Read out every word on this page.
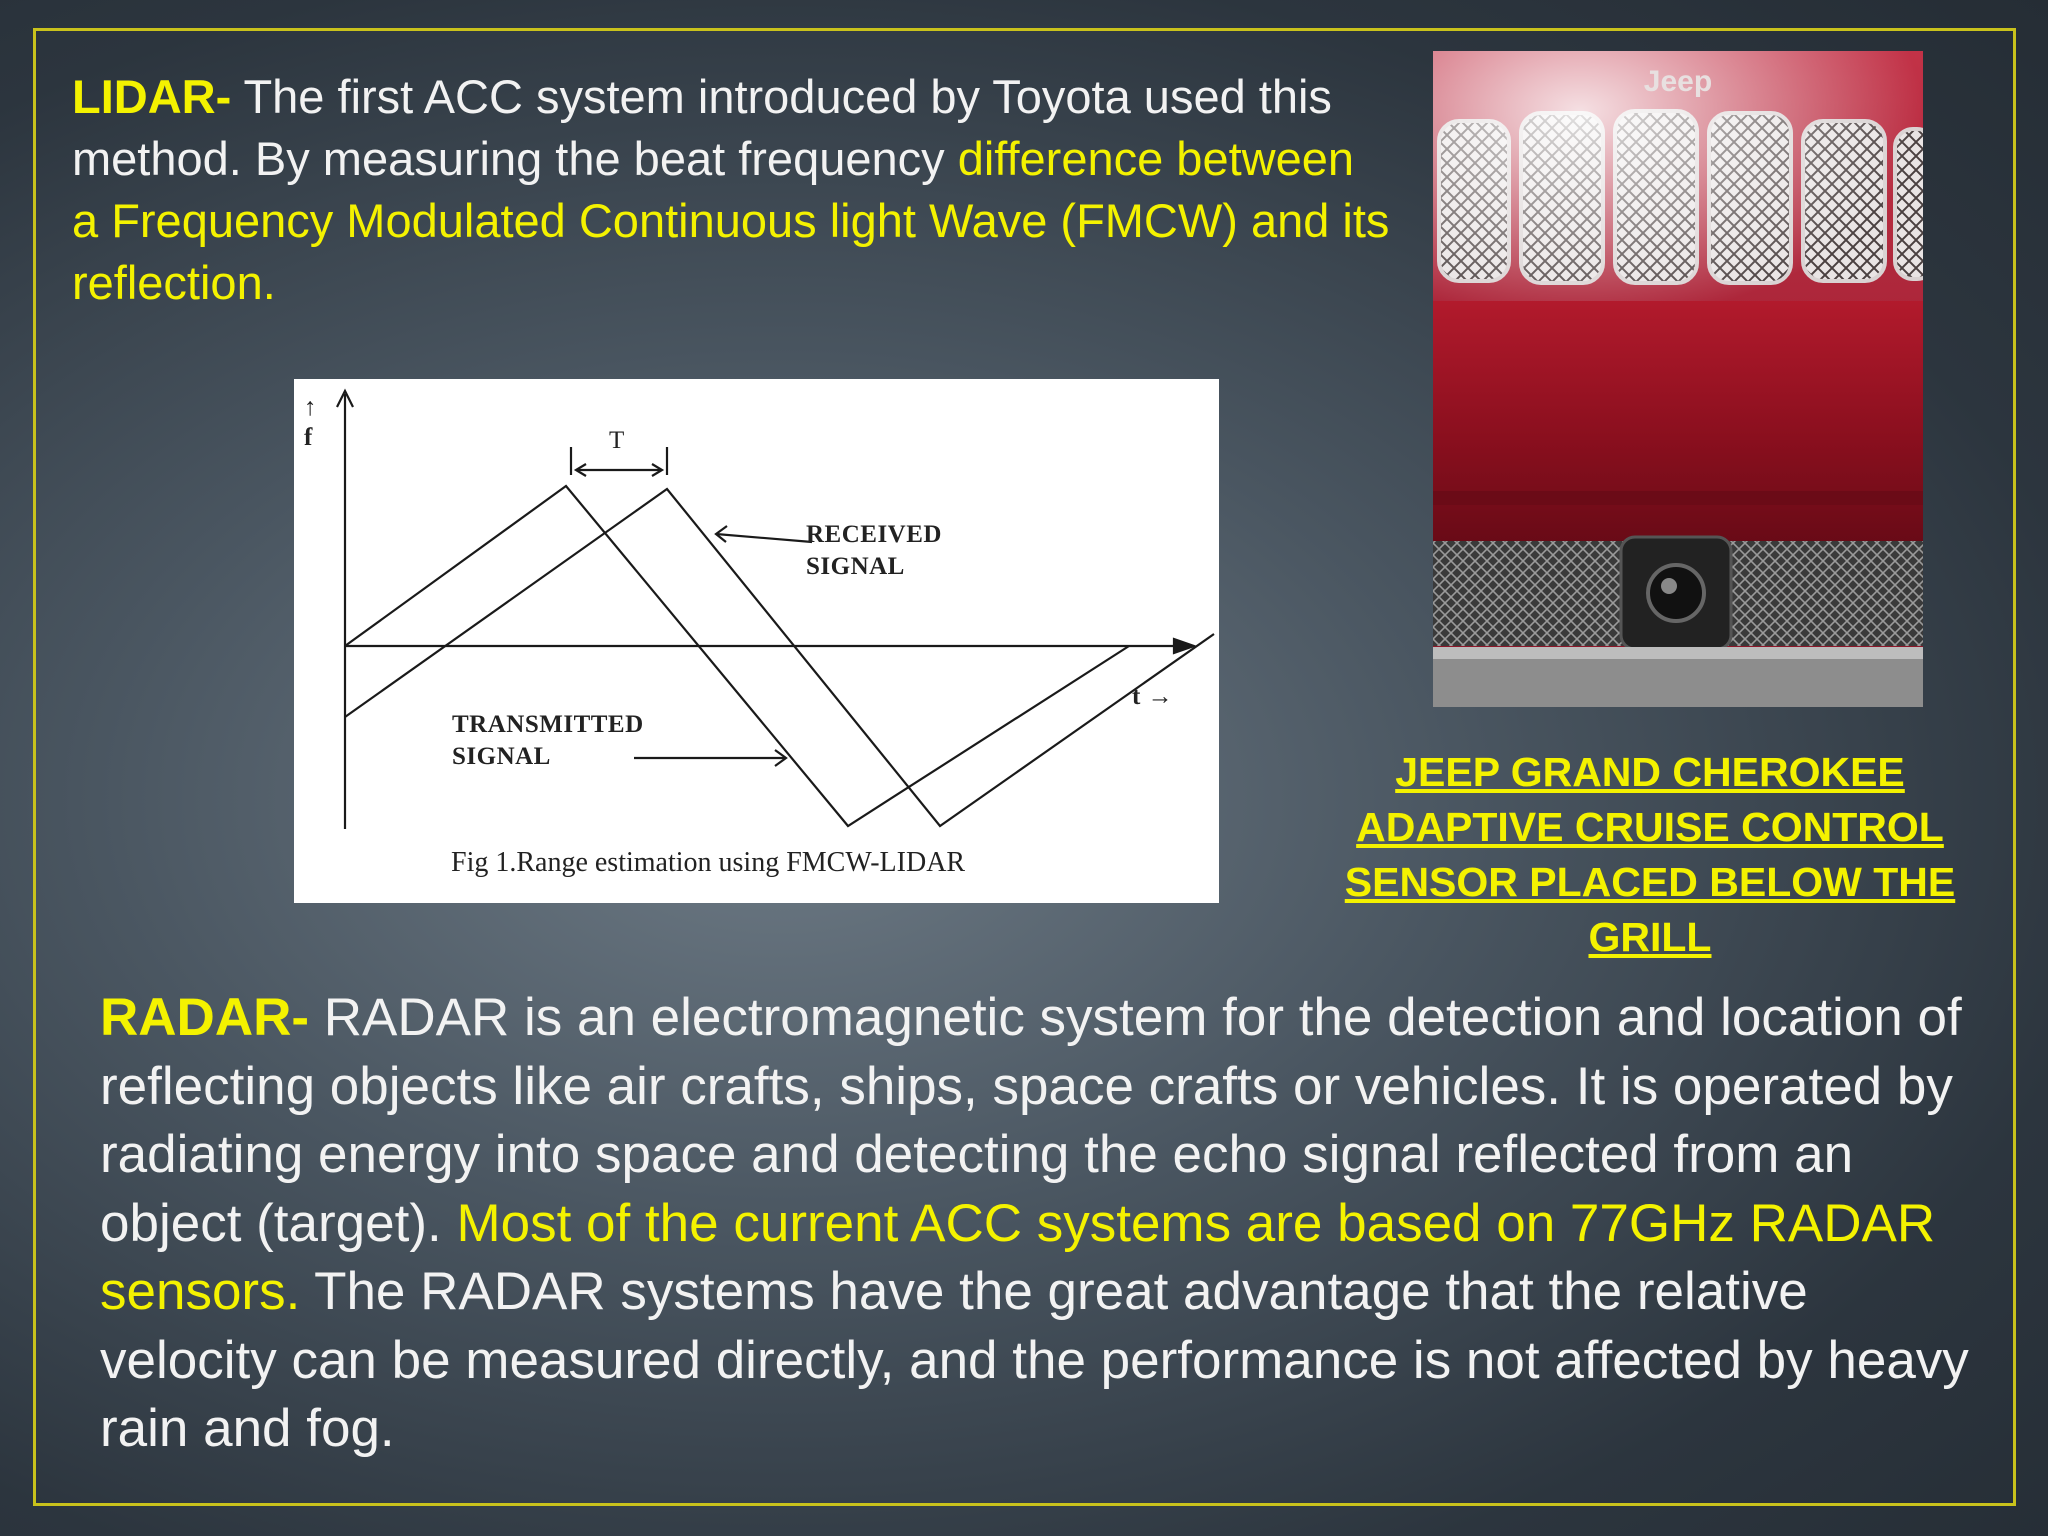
LIDAR- The first ACC system introduced by Toyota used this method. By measuring the beat frequency difference between a Frequency Modulated Continuous light Wave (FMCW) and its reflection.
↑
f	T
RECEIVED
SIGNAL
TRANSMITTED
SIGNAL
t →
Fig 1.Range estimation using FMCW-LIDAR
Jeep
JEEP GRAND CHEROKEE ADAPTIVE CRUISE CONTROL SENSOR PLACED BELOW THE GRILL
RADAR- RADAR is an electromagnetic system for the detection and location of reflecting objects like air crafts, ships, space crafts or vehicles. It is operated by radiating energy into space and detecting the echo signal reflected from an object (target). Most of the current ACC systems are based on 77GHz RADAR sensors. The RADAR systems have the great advantage that the relative velocity can be measured directly, and the performance is not affected by heavy rain and fog.
